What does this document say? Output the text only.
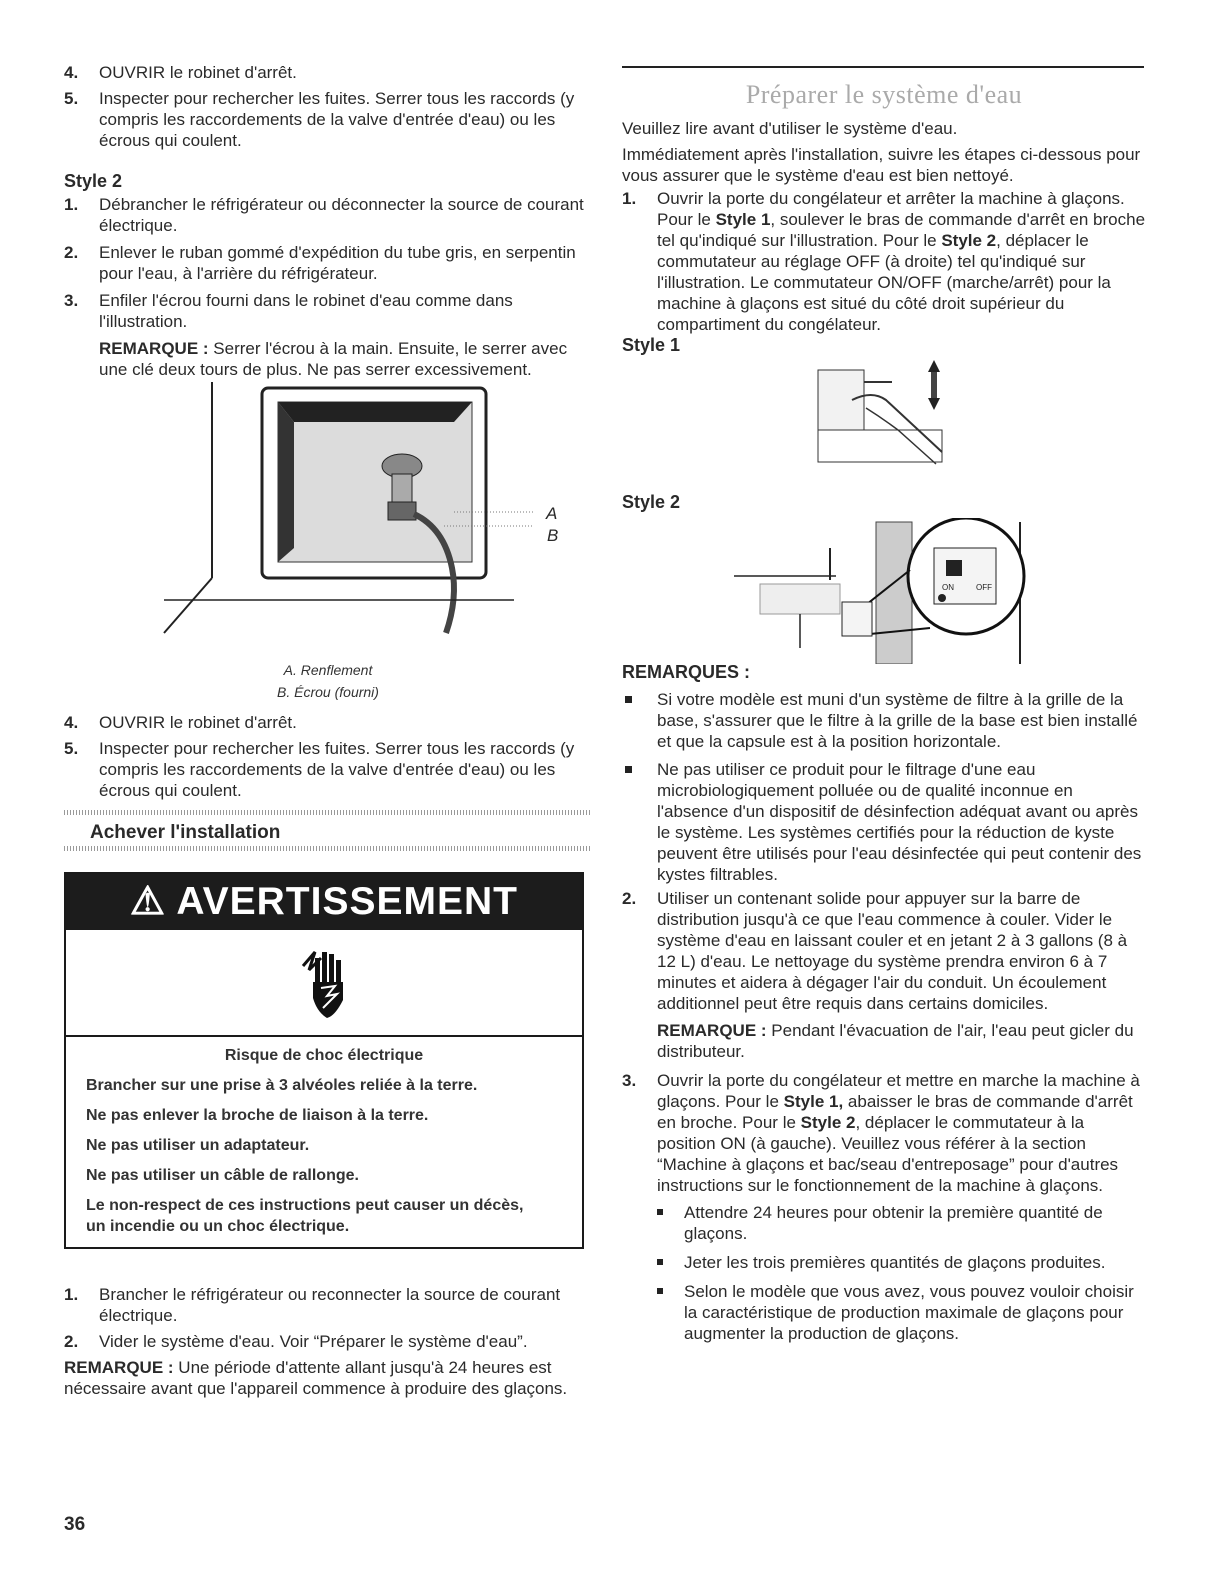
4. OUVRIR le robinet d'arrêt.
5. Inspecter pour rechercher les fuites. Serrer tous les raccords (y compris les raccordements de la valve d'entrée d'eau) ou les écrous qui coulent.
Style 2
1. Débrancher le réfrigérateur ou déconnecter la source de courant électrique.
2. Enlever le ruban gommé d'expédition du tube gris, en serpentin pour l'eau, à l'arrière du réfrigérateur.
3. Enfiler l'écrou fourni dans le robinet d'eau comme dans l'illustration.
REMARQUE : Serrer l'écrou à la main. Ensuite, le serrer avec une clé deux tours de plus. Ne pas serrer excessivement.
A
B
A. Renflement
B. Écrou (fourni)
4. OUVRIR le robinet d'arrêt.
5. Inspecter pour rechercher les fuites. Serrer tous les raccords (y compris les raccordements de la valve d'entrée d'eau) ou les écrous qui coulent.
Achever l'installation
⚠ AVERTISSEMENT

Risque de choc électrique

Brancher sur une prise à 3 alvéoles reliée à la terre.

Ne pas enlever la broche de liaison à la terre.

Ne pas utiliser un adaptateur.

Ne pas utiliser un câble de rallonge.

Le non-respect de ces instructions peut causer un décès, un incendie ou un choc électrique.

1. Brancher le réfrigérateur ou reconnecter la source de courant électrique.
2. Vider le système d'eau. Voir “Préparer le système d'eau”.

REMARQUE : Une période d'attente allant jusqu'à 24 heures est nécessaire avant que l'appareil commence à produire des glaçons.

Préparer le système d'eau

Veuillez lire avant d'utiliser le système d'eau.

Immédiatement après l'installation, suivre les étapes ci-dessous pour vous assurer que le système d'eau est bien nettoyé.

1. Ouvrir la porte du congélateur et arrêter la machine à glaçons. Pour le Style 1, soulever le bras de commande d'arrêt en broche tel qu'indiqué sur l'illustration. Pour le Style 2, déplacer le commutateur au réglage OFF (à droite) tel qu'indiqué sur l'illustration. Le commutateur ON/OFF (marche/arrêt) pour la machine à glaçons est situé du côté droit supérieur du compartiment du congélateur.
Style 1
Style 2
ON	OFF
REMARQUES :
Si votre modèle est muni d'un système de filtre à la grille de la base, s'assurer que le filtre à la grille de la base est bien installé et que la capsule est à la position horizontale.
Ne pas utiliser ce produit pour le filtrage d'une eau microbiologiquement polluée ou de qualité inconnue en l'absence d'un dispositif de désinfection adéquat avant ou après le système. Les systèmes certifiés pour la réduction de kyste peuvent être utilisés pour l'eau désinfectée qui peut contenir des kystes filtrables.
2. Utiliser un contenant solide pour appuyer sur la barre de distribution jusqu'à ce que l'eau commence à couler. Vider le système d'eau en laissant couler et en jetant 2 à 3 gallons (8 à 12 L) d'eau. Le nettoyage du système prendra environ 6 à 7 minutes et aidera à dégager l'air du conduit. Un écoulement additionnel peut être requis dans certains domiciles.
REMARQUE : Pendant l'évacuation de l'air, l'eau peut gicler du distributeur.
3. Ouvrir la porte du congélateur et mettre en marche la machine à glaçons. Pour le Style 1, abaisser le bras de commande d'arrêt en broche. Pour le Style 2, déplacer le commutateur à la position ON (à gauche). Veuillez vous référer à la section “Machine à glaçons et bac/seau d'entreposage” pour d'autres instructions sur le fonctionnement de la machine à glaçons.
Attendre 24 heures pour obtenir la première quantité de glaçons.
Jeter les trois premières quantités de glaçons produites.
Selon le modèle que vous avez, vous pouvez vouloir choisir la caractéristique de production maximale de glaçons pour augmenter la production de glaçons.
36
